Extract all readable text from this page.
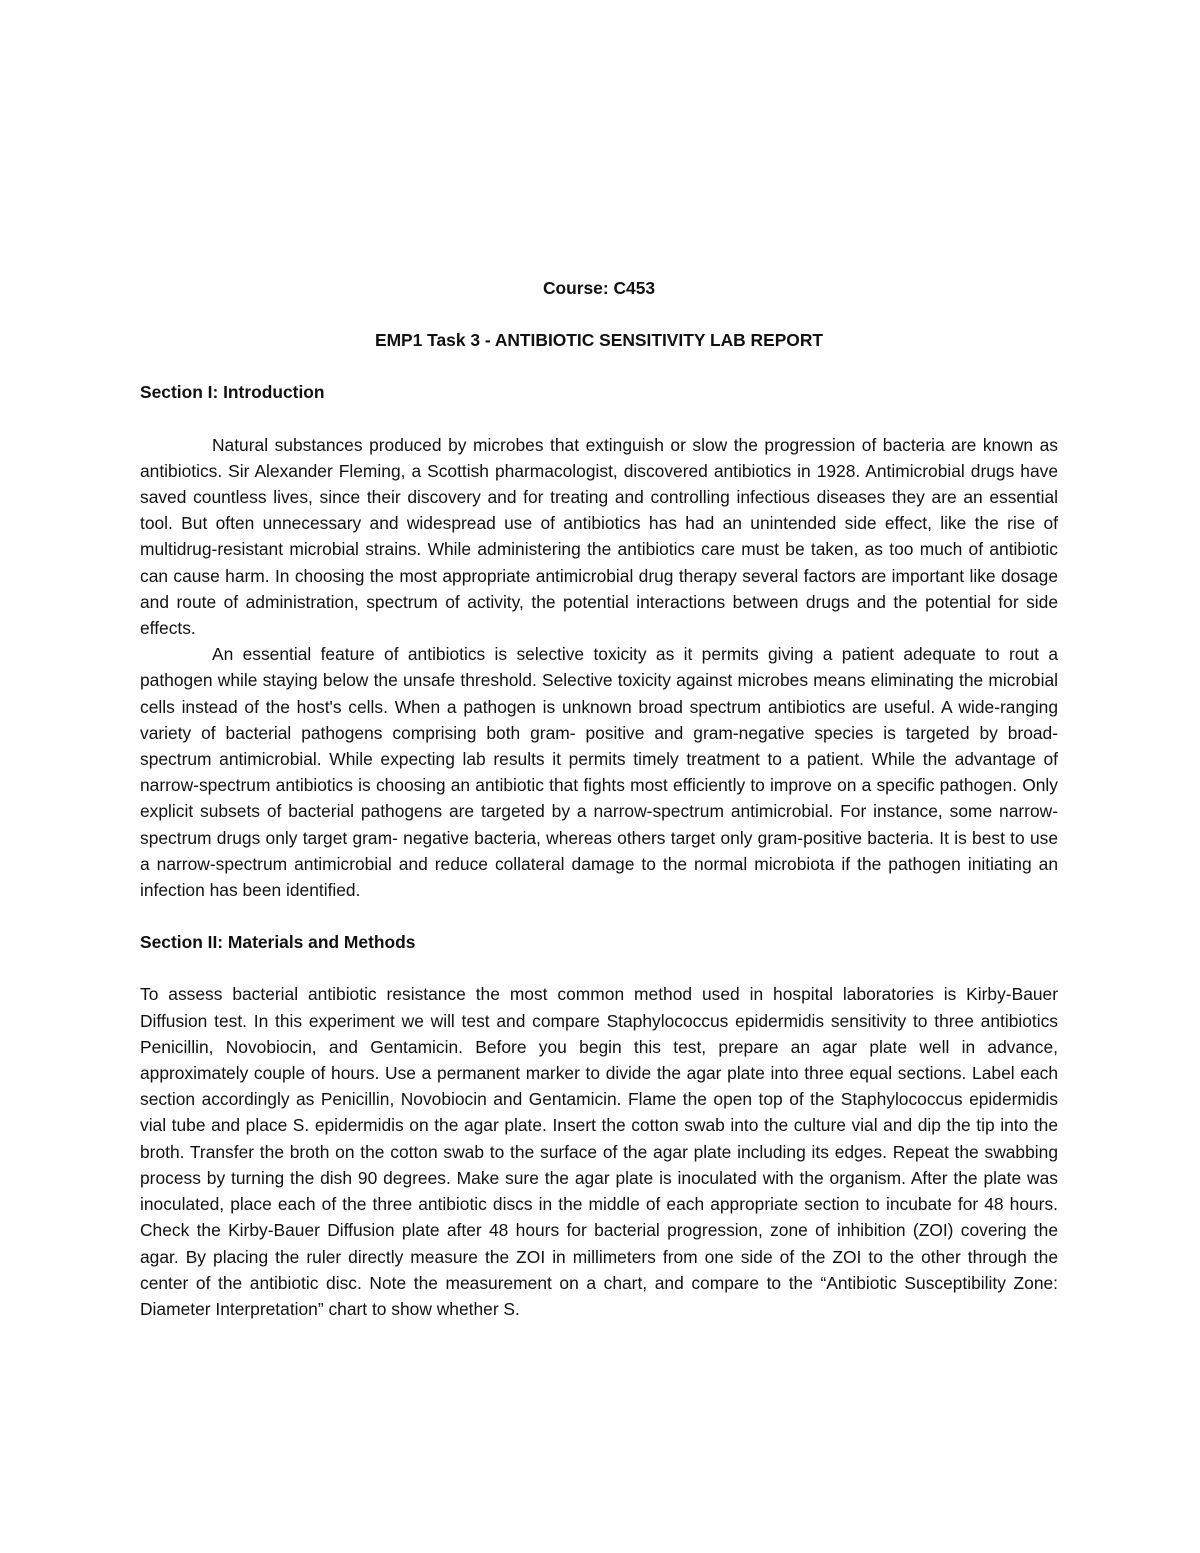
Course: C453

EMP1 Task 3 - ANTIBIOTIC SENSITIVITY LAB REPORT

Section I: Introduction

Natural substances produced by microbes that extinguish or slow the progression of bacteria are known as antibiotics. Sir Alexander Fleming, a Scottish pharmacologist, discovered antibiotics in 1928. Antimicrobial drugs have saved countless lives, since their discovery and for treating and controlling infectious diseases they are an essential tool. But often unnecessary and widespread use of antibiotics has had an unintended side effect, like the rise of multidrug-resistant microbial strains. While administering the antibiotics care must be taken, as too much of antibiotic can cause harm. In choosing the most appropriate antimicrobial drug therapy several factors are important like dosage and route of administration, spectrum of activity, the potential interactions between drugs and the potential for side effects.

An essential feature of antibiotics is selective toxicity as it permits giving a patient adequate to rout a pathogen while staying below the unsafe threshold. Selective toxicity against microbes means eliminating the microbial cells instead of the host's cells. When a pathogen is unknown broad spectrum antibiotics are useful. A wide-ranging variety of bacterial pathogens comprising both gram- positive and gram-negative species is targeted by broad-spectrum antimicrobial. While expecting lab results it permits timely treatment to a patient. While the advantage of narrow-spectrum antibiotics is choosing an antibiotic that fights most efficiently to improve on a specific pathogen. Only explicit subsets of bacterial pathogens are targeted by a narrow-spectrum antimicrobial. For instance, some narrow-spectrum drugs only target gram- negative bacteria, whereas others target only gram-positive bacteria. It is best to use a narrow-spectrum antimicrobial and reduce collateral damage to the normal microbiota if the pathogen initiating an infection has been identified.

Section II: Materials and Methods

To assess bacterial antibiotic resistance the most common method used in hospital laboratories is Kirby-Bauer Diffusion test. In this experiment we will test and compare Staphylococcus epidermidis sensitivity to three antibiotics Penicillin, Novobiocin, and Gentamicin. Before you begin this test, prepare an agar plate well in advance, approximately couple of hours. Use a permanent marker to divide the agar plate into three equal sections. Label each section accordingly as Penicillin, Novobiocin and Gentamicin. Flame the open top of the Staphylococcus epidermidis vial tube and place S. epidermidis on the agar plate. Insert the cotton swab into the culture vial and dip the tip into the broth. Transfer the broth on the cotton swab to the surface of the agar plate including its edges. Repeat the swabbing process by turning the dish 90 degrees. Make sure the agar plate is inoculated with the organism. After the plate was inoculated, place each of the three antibiotic discs in the middle of each appropriate section to incubate for 48 hours. Check the Kirby-Bauer Diffusion plate after 48 hours for bacterial progression, zone of inhibition (ZOI) covering the agar. By placing the ruler directly measure the ZOI in millimeters from one side of the ZOI to the other through the center of the antibiotic disc. Note the measurement on a chart, and compare to the “Antibiotic Susceptibility Zone: Diameter Interpretation” chart to show whether S.
